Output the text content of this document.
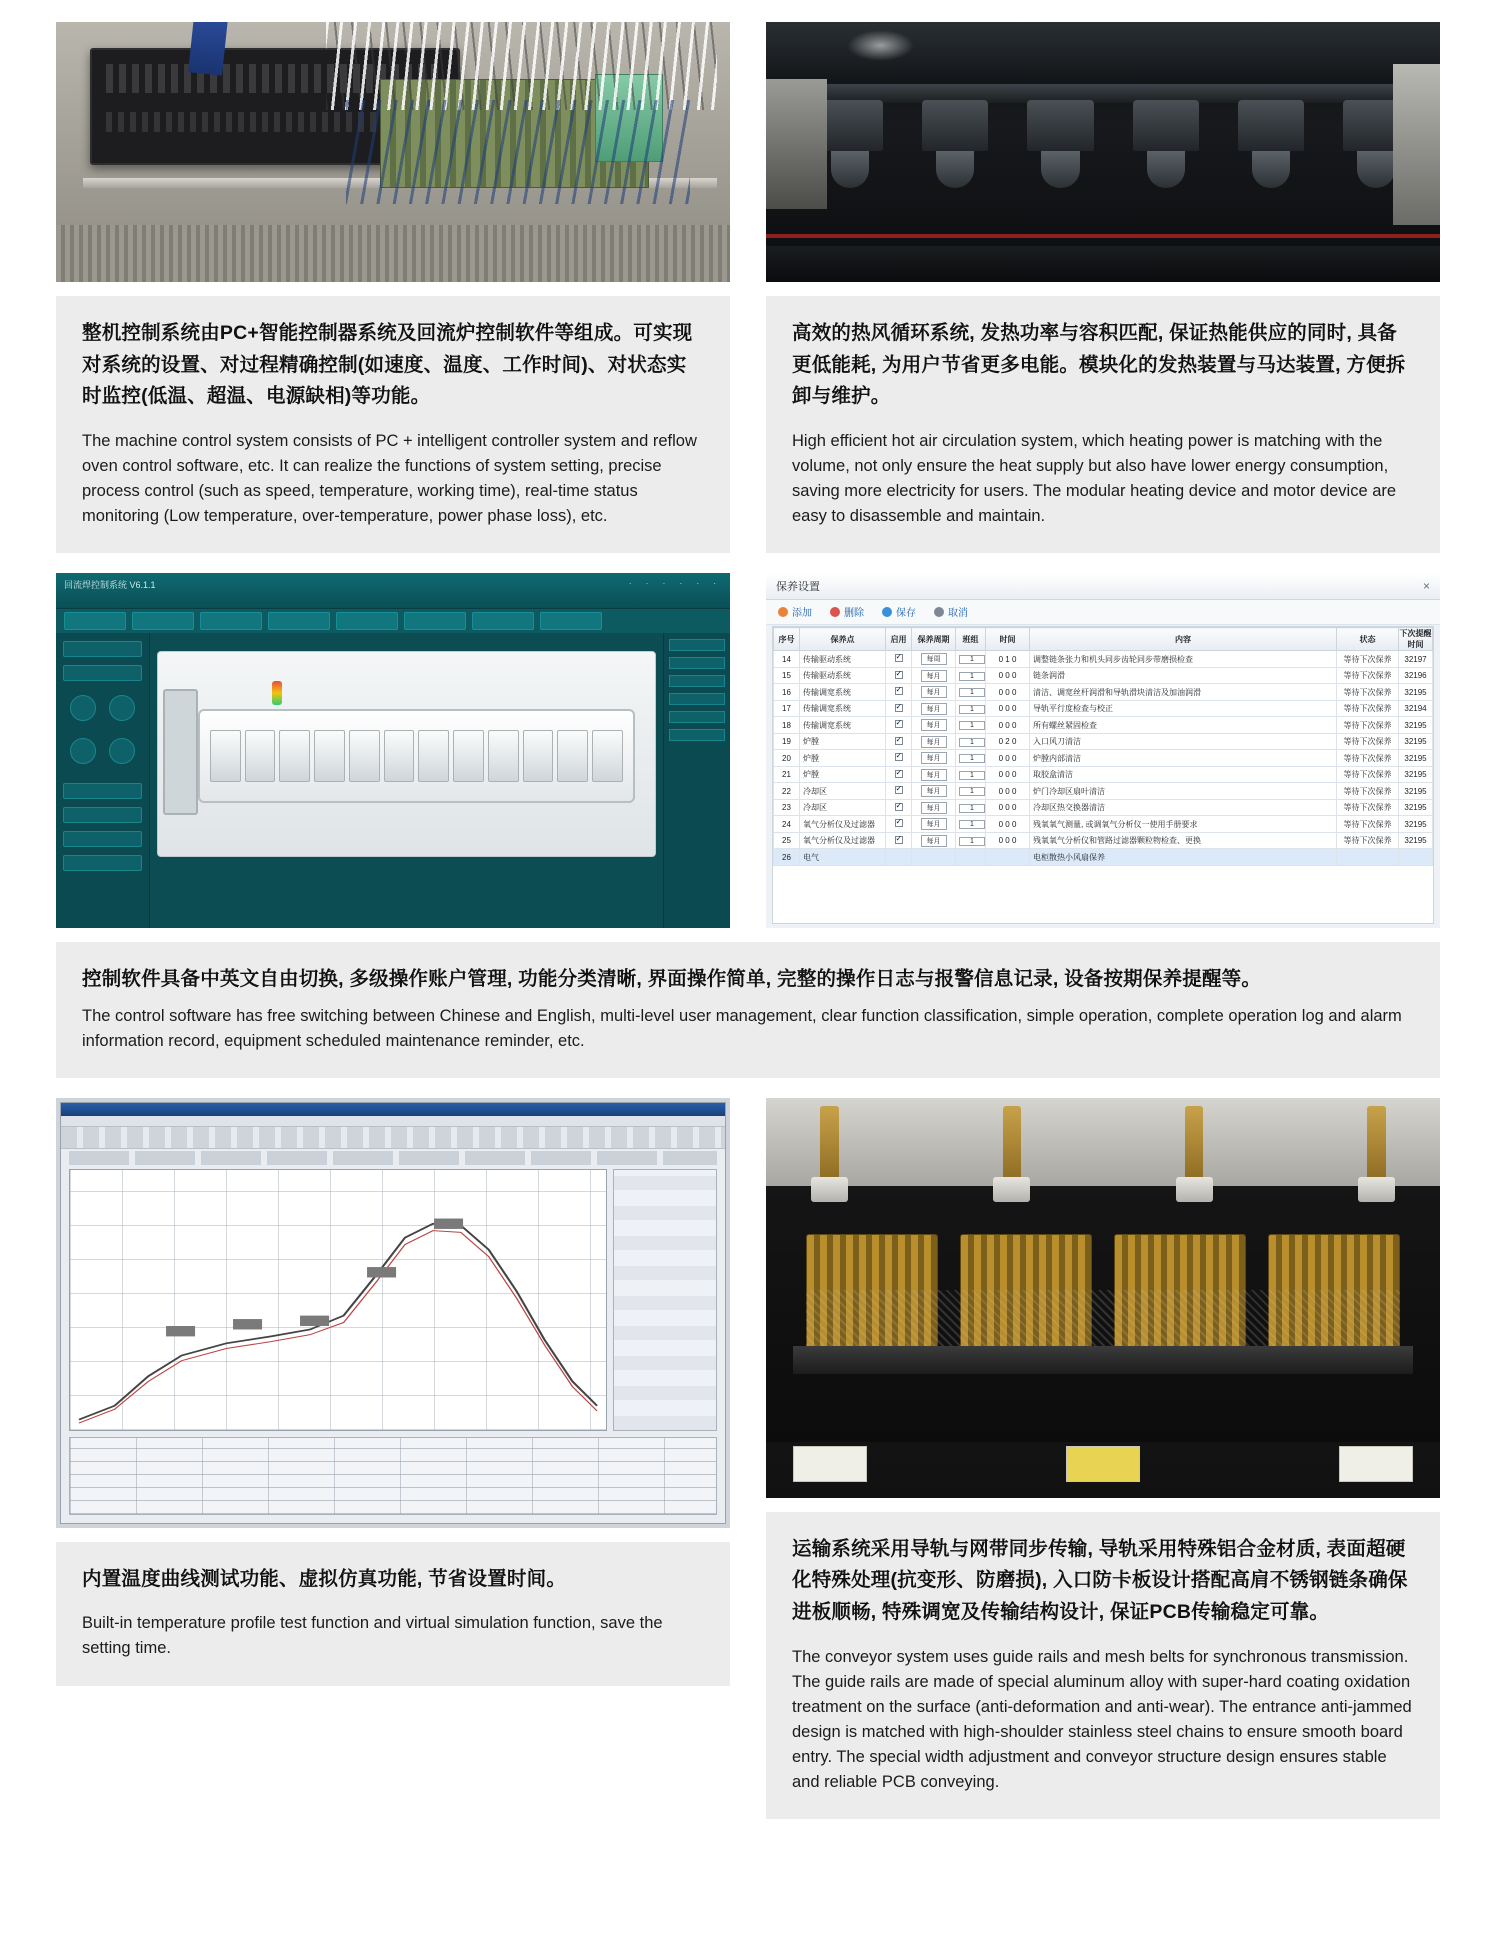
整机控制系统由PC+智能控制器系统及回流炉控制软件等组成。可实现对系统的设置、对过程精确控制(如速度、温度、工作时间)、对状态实时监控(低温、超温、电源缺相)等功能。
The machine control system consists of PC + intelligent controller system and reflow oven control software, etc. It can realize the functions of system setting, precise process control (such as speed, temperature, working time), real-time status monitoring (Low temperature, over-temperature, power phase loss), etc.
高效的热风循环系统, 发热功率与容积匹配, 保证热能供应的同时, 具备更低能耗, 为用户节省更多电能。模块化的发热装置与马达装置, 方便拆卸与维护。
High efficient hot air circulation system, which heating power is matching with the volume, not only ensure the heat supply but also have lower energy consumption, saving more electricity for users. The modular heating device and motor device are easy to disassemble and maintain.
回流焊控制系统 V6.1.1	· · · · · ·
	保养设置	×
添加	删除	保存	取消
序号	保养点	启用	保养周期	班组	时间	内容	状态	下次提醒时间
14	传输驱动系统	✓	每周	1	0 1 0	调整链条张力和机头同步齿轮同步带磨损检查	等待下次保养	32197
15	传输驱动系统	✓	每月	1	0 0 0	链条润滑	等待下次保养	32196
16	传输调宽系统	✓	每月	1	0 0 0	清洁、调宽丝杆润滑和导轨滑块清洁及加油润滑	等待下次保养	32195
17	传输调宽系统	✓	每月	1	0 0 0	导轨平行度检查与校正	等待下次保养	32194
18	传输调宽系统	✓	每月	1	0 0 0	所有螺丝紧固检查	等待下次保养	32195
19	炉膛	✓	每月	1	0 2 0	入口风刀清洁	等待下次保养	32195
20	炉膛	✓	每月	1	0 0 0	炉膛内部清洁	等待下次保养	32195
21	炉膛	✓	每月	1	0 0 0	取胶盒清洁	等待下次保养	32195
22	冷却区	✓	每月	1	0 0 0	炉门冷却区扇叶清洁	等待下次保养	32195
23	冷却区	✓	每月	1	0 0 0	冷却区热交换器清洁	等待下次保养	32195
24	氧气分析仪及过滤器	✓	每月	1	0 0 0	残氧氧气测量, 或调氧气分析仪一使用手册要求	等待下次保养	32195
25	氧气分析仪及过滤器	✓	每月	1	0 0 0	残氧氧气分析仪和管路过滤器颗粒物检查、更换	等待下次保养	32195
26	电气					电柜散热小风扇保养		
控制软件具备中英文自由切换, 多级操作账户管理, 功能分类清晰, 界面操作简单, 完整的操作日志与报警信息记录, 设备按期保养提醒等。
The control software has free switching between Chinese and English, multi-level user management, clear function classification, simple operation, complete operation log and alarm information record, equipment scheduled maintenance reminder, etc.
内置温度曲线测试功能、虚拟仿真功能, 节省设置时间。
Built-in temperature profile test function and virtual simulation function, save the setting time.
运输系统采用导轨与网带同步传输, 导轨采用特殊铝合金材质, 表面超硬化特殊处理(抗变形、防磨损), 入口防卡板设计搭配高肩不锈钢链条确保进板顺畅, 特殊调宽及传输结构设计, 保证PCB传输稳定可靠。
The conveyor system uses guide rails and mesh belts for synchronous transmission. The guide rails are made of special aluminum alloy with super-hard coating oxidation treatment on the surface (anti-deformation and anti-wear). The entrance anti-jammed design is matched with high-shoulder stainless steel chains to ensure smooth board entry. The special width adjustment and conveyor structure design ensures stable and reliable PCB conveying.
